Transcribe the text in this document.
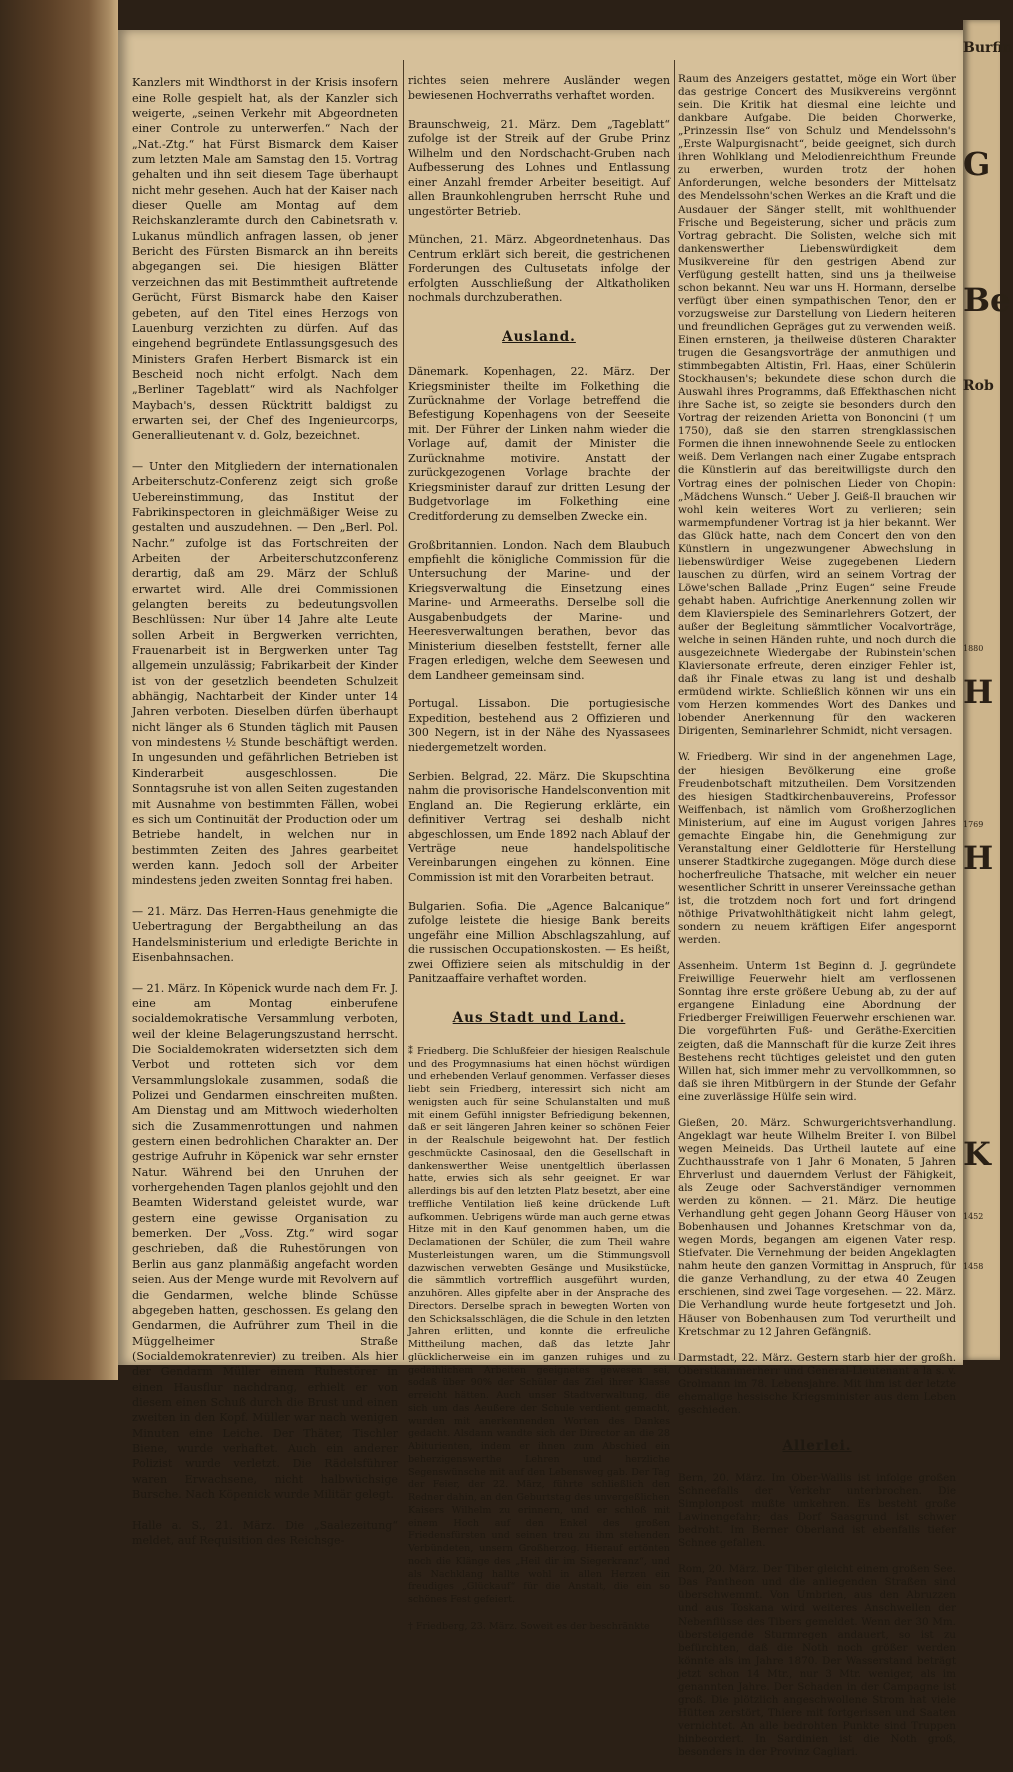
Kanzlers mit Windthorst in der Krisis insofern eine Rolle gespielt hat, als der Kanzler sich weigerte, „seinen Verkehr mit Abgeordneten einer Controle zu unterwerfen.“ Nach der „Nat.-Ztg.“ hat Fürst Bismarck dem Kaiser zum letzten Male am Samstag den 15. Vortrag gehalten und ihn seit diesem Tage überhaupt nicht mehr gesehen. Auch hat der Kaiser nach dieser Quelle am Montag auf dem Reichskanzleramte durch den Cabinetsrath v. Lukanus mündlich anfragen lassen, ob jener Bericht des Fürsten Bismarck an ihn bereits abgegangen sei. Die hiesigen Blätter verzeichnen das mit Bestimmtheit auftretende Gerücht, Fürst Bismarck habe den Kaiser gebeten, auf den Titel eines Herzogs von Lauenburg verzichten zu dürfen. Auf das eingehend begründete Entlassungsgesuch des Ministers Grafen Herbert Bismarck ist ein Bescheid noch nicht erfolgt. Nach dem „Berliner Tageblatt“ wird als Nachfolger Maybach's, dessen Rücktritt baldigst zu erwarten sei, der Chef des Ingenieurcorps, Generallieutenant v. d. Golz, bezeichnet.

— Unter den Mitgliedern der internationalen Arbeiterschutz-Conferenz zeigt sich große Uebereinstimmung, das Institut der Fabrikinspectoren in gleichmäßiger Weise zu gestalten und auszudehnen. — Den „Berl. Pol. Nachr.“ zufolge ist das Fortschreiten der Arbeiten der Arbeiterschutzconferenz derartig, daß am 29. März der Schluß erwartet wird. Alle drei Commissionen gelangten bereits zu bedeutungsvollen Beschlüssen: Nur über 14 Jahre alte Leute sollen Arbeit in Bergwerken verrichten, Frauenarbeit ist in Bergwerken unter Tag allgemein unzulässig; Fabrikarbeit der Kinder ist von der gesetzlich beendeten Schulzeit abhängig, Nachtarbeit der Kinder unter 14 Jahren verboten. Dieselben dürfen überhaupt nicht länger als 6 Stunden täglich mit Pausen von mindestens ½ Stunde beschäftigt werden. In ungesunden und gefährlichen Betrieben ist Kinderarbeit ausgeschlossen. Die Sonntagsruhe ist von allen Seiten zugestanden mit Ausnahme von bestimmten Fällen, wobei es sich um Continuität der Production oder um Betriebe handelt, in welchen nur in bestimmten Zeiten des Jahres gearbeitet werden kann. Jedoch soll der Arbeiter mindestens jeden zweiten Sonntag frei haben.

— 21. März. Das Herren-Haus genehmigte die Uebertragung der Bergabtheilung an das Handelsministerium und erledigte Berichte in Eisenbahnsachen.

— 21. März. In Köpenick wurde nach dem Fr. J. eine am Montag einberufene socialdemokratische Versammlung verboten, weil der kleine Belagerungszustand herrscht. Die Socialdemokraten widersetzten sich dem Verbot und rotteten sich vor dem Versammlungslokale zusammen, sodaß die Polizei und Gendarmen einschreiten mußten. Am Dienstag und am Mittwoch wiederholten sich die Zusammenrottungen und nahmen gestern einen bedrohlichen Charakter an. Der gestrige Aufruhr in Köpenick war sehr ernster Natur. Während bei den Unruhen der vorhergehenden Tagen planlos gejohlt und den Beamten Widerstand geleistet wurde, war gestern eine gewisse Organisation zu bemerken. Der „Voss. Ztg.“ wird sogar geschrieben, daß die Ruhestörungen von Berlin aus ganz planmäßig angefacht worden seien. Aus der Menge wurde mit Revolvern auf die Gendarmen, welche blinde Schüsse abgegeben hatten, geschossen. Es gelang den Gendarmen, die Aufrührer zum Theil in die Müggelheimer Straße (Socialdemokratenrevier) zu treiben. Als hier der Gendarm Müller einem Ruhestörer in einen Hausflur nachdrang, erhielt er von diesem einen Schuß durch die Brust und einen zweiten in den Kopf. Müller war nach wenigen Minuten eine Leiche. Der Thäter, Tischler Biene, wurde verhaftet. Auch ein anderer Polizist wurde verletzt. Die Rädelsführer waren Erwachsene, nicht halbwüchsige Bursche. Nach Köpenick wurde Militär gelegt.

Halle a. S., 21. März. Die „Saalezeitung“ meldet, auf Requisition des Reichsge-

richtes seien mehrere Ausländer wegen bewiesenen Hochverraths verhaftet worden.

Braunschweig, 21. März. Dem „Tageblatt“ zufolge ist der Streik auf der Grube Prinz Wilhelm und den Nordschacht-Gruben nach Aufbesserung des Lohnes und Entlassung einer Anzahl fremder Arbeiter beseitigt. Auf allen Braunkohlengruben herrscht Ruhe und ungestörter Betrieb.

München, 21. März. Abgeordnetenhaus. Das Centrum erklärt sich bereit, die gestrichenen Forderungen des Cultusetats infolge der erfolgten Ausschließung der Altkatholiken nochmals durchzuberathen.

Ausland.

Dänemark. Kopenhagen, 22. März. Der Kriegsminister theilte im Folkething die Zurücknahme der Vorlage betreffend die Befestigung Kopenhagens von der Seeseite mit. Der Führer der Linken nahm wieder die Vorlage auf, damit der Minister die Zurücknahme motivire. Anstatt der zurückgezogenen Vorlage brachte der Kriegsminister darauf zur dritten Lesung der Budgetvorlage im Folkething eine Creditforderung zu demselben Zwecke ein.

Großbritannien. London. Nach dem Blaubuch empfiehlt die königliche Commission für die Untersuchung der Marine- und der Kriegsverwaltung die Einsetzung eines Marine- und Armeeraths. Derselbe soll die Ausgabenbudgets der Marine- und Heeresverwaltungen berathen, bevor das Ministerium dieselben feststellt, ferner alle Fragen erledigen, welche dem Seewesen und dem Landheer gemeinsam sind.

Portugal. Lissabon. Die portugiesische Expedition, bestehend aus 2 Offizieren und 300 Negern, ist in der Nähe des Nyassasees niedergemetzelt worden.

Serbien. Belgrad, 22. März. Die Skupschtina nahm die provisorische Handelsconvention mit England an. Die Regierung erklärte, ein definitiver Vertrag sei deshalb nicht abgeschlossen, um Ende 1892 nach Ablauf der Verträge neue handelspolitische Vereinbarungen eingehen zu können. Eine Commission ist mit den Vorarbeiten betraut.

Bulgarien. Sofia. Die „Agence Balcanique“ zufolge leistete die hiesige Bank bereits ungefähr eine Million Abschlagszahlung, auf die russischen Occupationskosten. — Es heißt, zwei Offiziere seien als mitschuldig in der Panitzaaffaire verhaftet worden.

Aus Stadt und Land.

⁑ Friedberg. Die Schlußfeier der hiesigen Realschule und des Progymnasiums hat einen höchst würdigen und erhebenden Verlauf genommen. Verfasser dieses liebt sein Friedberg, interessirt sich nicht am wenigsten auch für seine Schulanstalten und muß mit einem Gefühl innigster Befriedigung bekennen, daß er seit längeren Jahren keiner so schönen Feier in der Realschule beigewohnt hat. Der festlich geschmückte Casinosaal, den die Gesellschaft in dankenswerther Weise unentgeltlich überlassen hatte, erwies sich als sehr geeignet. Er war allerdings bis auf den letzten Platz besetzt, aber eine treffliche Ventilation ließ keine drückende Luft aufkommen. Uebrigens würde man auch gerne etwas Hitze mit in den Kauf genommen haben, um die Declamationen der Schüler, die zum Theil wahre Musterleistungen waren, um die Stimmungsvoll dazwischen verwebten Gesänge und Musikstücke, die sämmtlich vortrefflich ausgeführt wurden, anzuhören. Alles gipfelte aber in der Ansprache des Directors. Derselbe sprach in bewegten Worten von den Schicksalsschlägen, die die Schule in den letzten Jahren erlitten, und konnte die erfreuliche Mittheilung machen, daß das letzte Jahr glücklicherweise ein im ganzen ruhiges und zu gedeihlichem Arbeiten geeignetes gewesen sei, sodaß über 90% der Schüler das Ziel ihrer Klasse erreicht hätten. Auch unser Stadtverwaltung, die sich um das Aeußere der Schule verdient gemacht, wurden mit anerkennenden Worten des Dankes gedacht. Alsdann wandte sich der Director an die 28 Abiturienten, indem er ihnen zum Abschied ein beherzigenswerthe Lehren und herzliche Segenswünsche mit auf den Lebensweg gab. Der Tag der Feier, der 22. März, führte schließlich den Redner dahin, an den Geburtstag des unvergeßlichen Kaisers Wilhelm zu erinnern, und er schloß mit einem Hoch auf den Enkel des großen Friedensfürsten und seinen treu zu ihm stehenden Verbündeten, unsern Großherzog. Hierauf ertönten noch die Klänge des „Heil dir im Siegerkranz“, und als Nachklang hallte wohl in allen Herzen ein freudiges „Glückauf“ für die Anstalt, die ein so schönes Fest gefeiert.

† Friedberg, 23. März. Soweit es der beschränkte

Raum des Anzeigers gestattet, möge ein Wort über das gestrige Concert des Musikvereins vergönnt sein. Die Kritik hat diesmal eine leichte und dankbare Aufgabe. Die beiden Chorwerke, „Prinzessin Ilse“ von Schulz und Mendelssohn's „Erste Walpurgisnacht“, beide geeignet, sich durch ihren Wohlklang und Melodienreichthum Freunde zu erwerben, wurden trotz der hohen Anforderungen, welche besonders der Mittelsatz des Mendelssohn'schen Werkes an die Kraft und die Ausdauer der Sänger stellt, mit wohlthuender Frische und Begeisterung, sicher und präcis zum Vortrag gebracht. Die Solisten, welche sich mit dankenswerther Liebenswürdigkeit dem Musikvereine für den gestrigen Abend zur Verfügung gestellt hatten, sind uns ja theilweise schon bekannt. Neu war uns H. Hormann, derselbe verfügt über einen sympathischen Tenor, den er vorzugsweise zur Darstellung von Liedern heiteren und freundlichen Gepräges gut zu verwenden weiß. Einen ernsteren, ja theilweise düsteren Charakter trugen die Gesangsvorträge der anmuthigen und stimmbegabten Altistin, Frl. Haas, einer Schülerin Stockhausen's; bekundete diese schon durch die Auswahl ihres Programms, daß Effekthaschen nicht ihre Sache ist, so zeigte sie besonders durch den Vortrag der reizenden Arietta von Bononcini († um 1750), daß sie den starren strengklassischen Formen die ihnen innewohnende Seele zu entlocken weiß. Dem Verlangen nach einer Zugabe entsprach die Künstlerin auf das bereitwilligste durch den Vortrag eines der polnischen Lieder von Chopin: „Mädchens Wunsch.“ Ueber J. Geiß-Il brauchen wir wohl kein weiteres Wort zu verlieren; sein warmempfundener Vortrag ist ja hier bekannt. Wer das Glück hatte, nach dem Concert den von den Künstlern in ungezwungener Abwechslung in liebenswürdiger Weise zugegebenen Liedern lauschen zu dürfen, wird an seinem Vortrag der Löwe'schen Ballade „Prinz Eugen“ seine Freude gehabt haben. Aufrichtige Anerkennung zollen wir dem Klavierspiele des Seminarlehrers Gotzert, der außer der Begleitung sämmtlicher Vocalvorträge, welche in seinen Händen ruhte, und noch durch die ausgezeichnete Wiedergabe der Rubinstein'schen Klaviersonate erfreute, deren einziger Fehler ist, daß ihr Finale etwas zu lang ist und deshalb ermüdend wirkte. Schließlich können wir uns ein vom Herzen kommendes Wort des Dankes und lobender Anerkennung für den wackeren Dirigenten, Seminarlehrer Schmidt, nicht versagen.

W. Friedberg. Wir sind in der angenehmen Lage, der hiesigen Bevölkerung eine große Freudenbotschaft mitzutheilen. Dem Vorsitzenden des hiesigen Stadtkirchenbauvereins, Professor Weiffenbach, ist nämlich vom Großherzoglichen Ministerium, auf eine im August vorigen Jahres gemachte Eingabe hin, die Genehmigung zur Veranstaltung einer Geldlotterie für Herstellung unserer Stadtkirche zugegangen. Möge durch diese hocherfreuliche Thatsache, mit welcher ein neuer wesentlicher Schritt in unserer Vereinssache gethan ist, die trotzdem noch fort und fort dringend nöthige Privatwohlthätigkeit nicht lahm gelegt, sondern zu neuem kräftigen Eifer angespornt werden.

Assenheim. Unterm 1st Beginn d. J. gegründete Freiwillige Feuerwehr hielt am verflossenen Sonntag ihre erste größere Uebung ab, zu der auf ergangene Einladung eine Abordnung der Friedberger Freiwilligen Feuerwehr erschienen war. Die vorgeführten Fuß- und Geräthe-Exercitien zeigten, daß die Mannschaft für die kurze Zeit ihres Bestehens recht tüchtiges geleistet und den guten Willen hat, sich immer mehr zu vervollkommnen, so daß sie ihren Mitbürgern in der Stunde der Gefahr eine zuverlässige Hülfe sein wird.

Gießen, 20. März. Schwurgerichtsverhandlung. Angeklagt war heute Wilhelm Breiter I. von Bilbel wegen Meineids. Das Urtheil lautete auf eine Zuchthausstrafe von 1 Jahr 6 Monaten, 5 Jahren Ehrverlust und dauerndem Verlust der Fähigkeit, als Zeuge oder Sachverständiger vernommen werden zu können. — 21. März. Die heutige Verhandlung geht gegen Johann Georg Häuser von Bobenhausen und Johannes Kretschmar von da, wegen Mords, begangen am eigenen Vater resp. Stiefvater. Die Vernehmung der beiden Angeklagten nahm heute den ganzen Vormittag in Anspruch, für die ganze Verhandlung, zu der etwa 40 Zeugen erschienen, sind zwei Tage vorgesehen. — 22. März. Die Verhandlung wurde heute fortgesetzt und Joh. Häuser von Bobenhausen zum Tod verurtheilt und Kretschmar zu 12 Jahren Gefängniß.

Darmstadt, 22. März. Gestern starb hier der großh. Oberstkammerherr und General-Lieutenant a la s. v. Grolmann im 78. Lebensjahre. Mit ihm ist der letzte ehemalige hessische Kriegsminister aus dem Leben geschieden.

Allerlei.

Bern, 20. März. Im Ober-Wallis ist infolge großen Schneefalls der Verkehr unterbrochen. Die Simplonpost mußte umkehren. Es besteht große Lawinengefahr; das Dorf Saasgrund ist schwer bedroht. Im Berner Oberland ist ebenfalls tiefer Schnee gefallen.

Rom, 20. März. Der Tiber gleicht einem großen See. Das Pantheon und die anliegenden Straßen sind überschwemmt. Von Umbrien, aus den Abruzzen und aus Toskana wird weiteres Anschwellen der Nebenflüsse des Tibers gemeldet. Wenn der 30 Mm. übersteigende Sturmregen andauert, so ist zu befürchten, daß die Noth noch größer werden könnte als im Jahre 1870. Der Wasserstand beträgt jetzt schon 14 Mtr., nur 3 Mtr. weniger, als im genannten Jahre. Der Schaden in der Campagne ist groß. Die plötzlich angeschwollene Strom hat viele Hütten zerstört, Thiere mit fortgerissen und Saaten vernichtet. An alle bedrohten Punkte sind Truppen hinbeordert. In Sardinien ist die Noth groß, besonders in der Provinz Cagliari.

Burfin
G
Be
Rob
1880
H
1769
H
K
1452
1458
